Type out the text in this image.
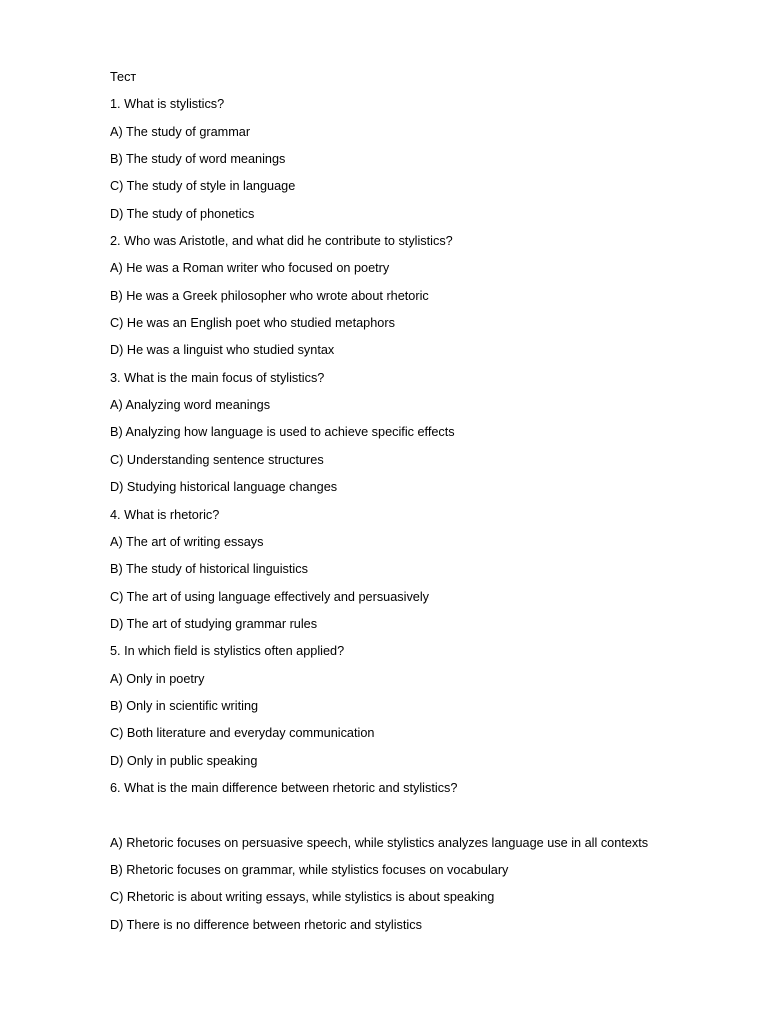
Тест
1. What is stylistics?
A) The study of grammar
B) The study of word meanings
C) The study of style in language
D) The study of phonetics
2. Who was Aristotle, and what did he contribute to stylistics?
A) He was a Roman writer who focused on poetry
B) He was a Greek philosopher who wrote about rhetoric
C) He was an English poet who studied metaphors
D) He was a linguist who studied syntax
3. What is the main focus of stylistics?
A) Analyzing word meanings
B) Analyzing how language is used to achieve specific effects
C) Understanding sentence structures
D) Studying historical language changes
4. What is rhetoric?
A) The art of writing essays
B) The study of historical linguistics
C) The art of using language effectively and persuasively
D) The art of studying grammar rules
5. In which field is stylistics often applied?
A) Only in poetry
B) Only in scientific writing
C) Both literature and everyday communication
D) Only in public speaking
6. What is the main difference between rhetoric and stylistics?
A) Rhetoric focuses on persuasive speech, while stylistics analyzes language use in all contexts
B) Rhetoric focuses on grammar, while stylistics focuses on vocabulary
C) Rhetoric is about writing essays, while stylistics is about speaking
D) There is no difference between rhetoric and stylistics
